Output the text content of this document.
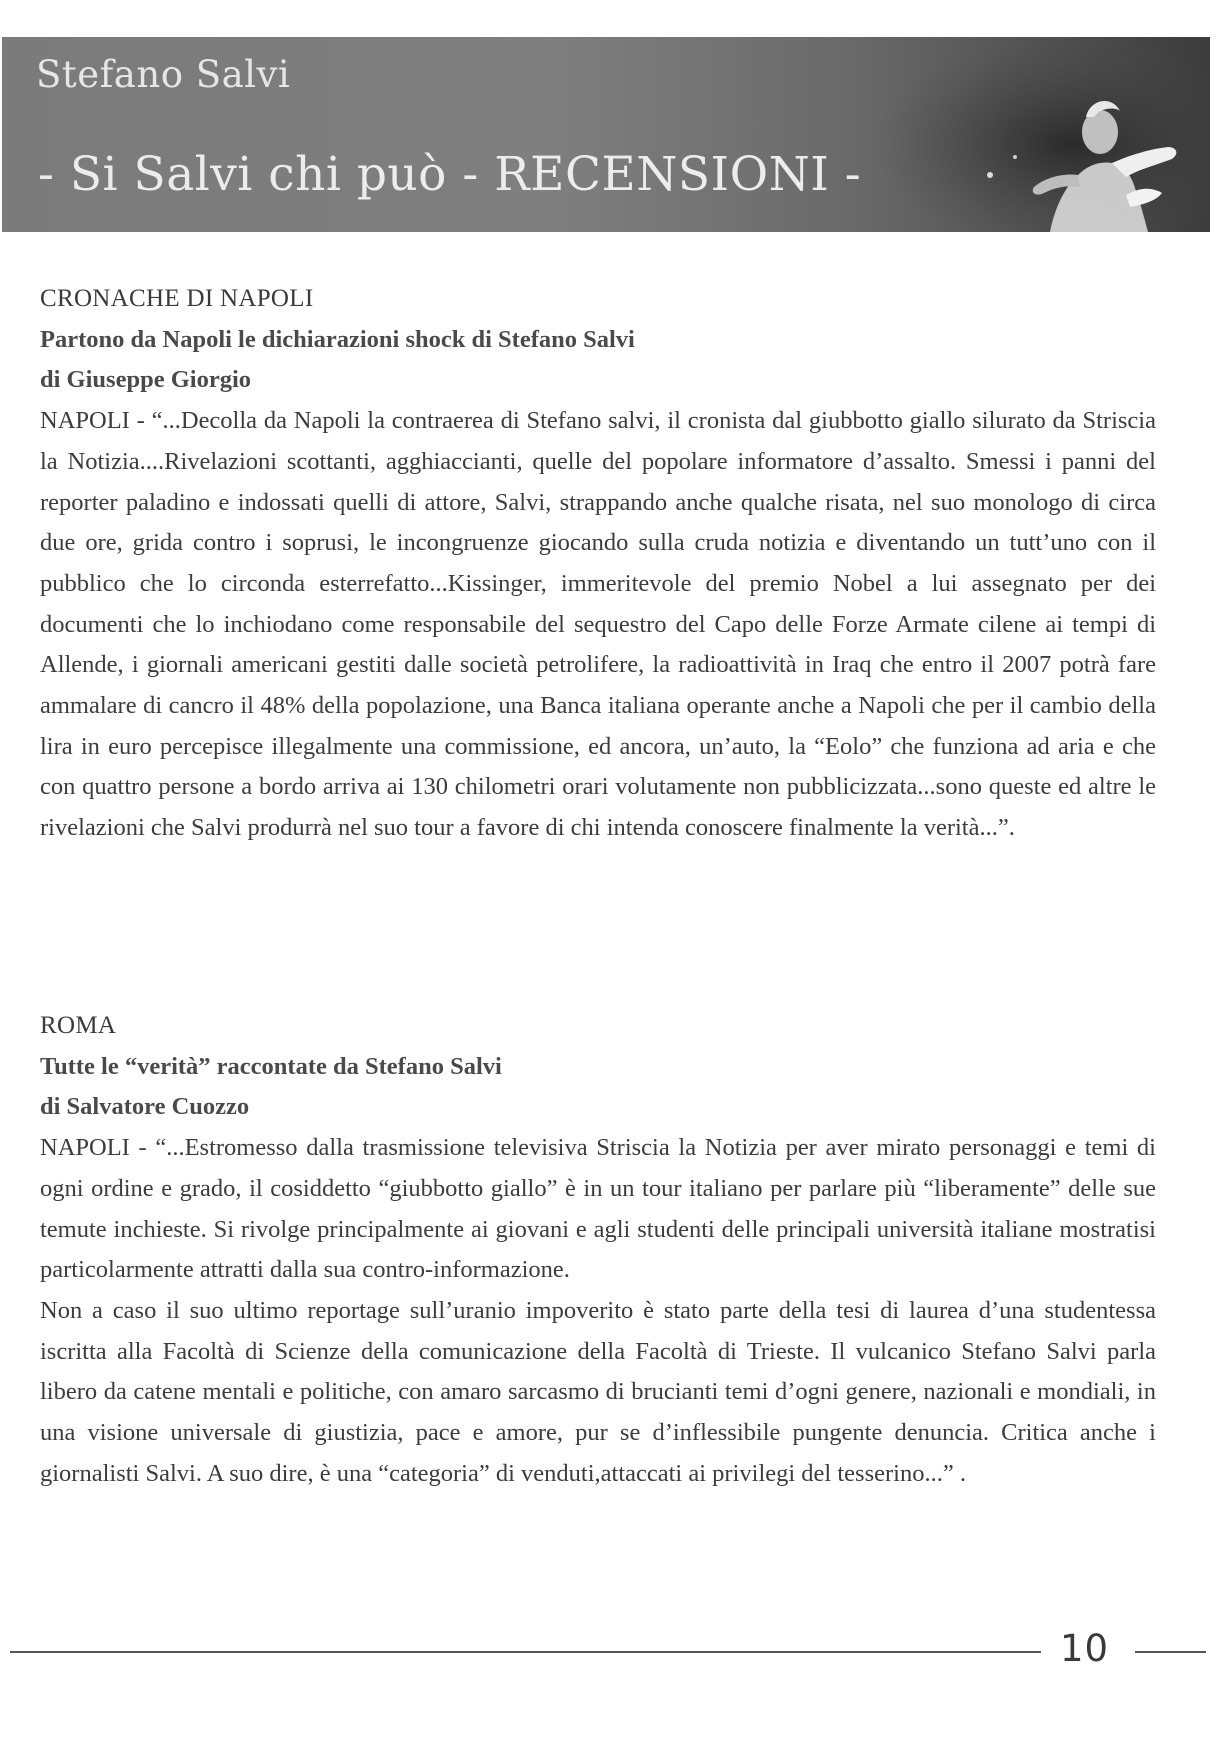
Stefano Salvi
- Si Salvi chi può - RECENSIONI -
CRONACHE DI NAPOLI
Partono da Napoli le dichiarazioni shock di Stefano Salvi
di Giuseppe Giorgio

NAPOLI - “...Decolla da Napoli la contraerea di Stefano salvi, il cronista dal giubbotto giallo silurato da Striscia la Notizia....Rivelazioni scottanti, agghiaccianti, quelle del popolare informatore d’assalto. Smessi i panni del reporter paladino e indossati quelli di attore, Salvi, strappando anche qualche risata, nel suo monologo di circa due ore, grida contro i soprusi, le incongruenze giocando sulla cruda notizia e diventando un tutt’uno con il pubblico che lo circonda esterrefatto...Kissinger, immeritevole del premio Nobel a lui assegnato per dei documenti che lo inchiodano come responsabile del sequestro del Capo delle Forze Armate cilene ai tempi di Allende, i giornali americani gestiti dalle società petrolifere, la radioattività in Iraq che entro il 2007 potrà fare ammalare di cancro il 48% della popolazione, una Banca italiana operante anche a Napoli che per il cambio della lira in euro percepisce illegalmente una commissione, ed ancora, un’auto, la “Eolo” che funziona ad aria e che con quattro persone a bordo arriva ai 130 chilometri orari volutamente non pubblicizzata...sono queste ed altre le rivelazioni che Salvi produrrà nel suo tour a favore di chi intenda conoscere finalmente la verità...”.

ROMA
Tutte le “verità” raccontate da Stefano Salvi
di Salvatore Cuozzo

NAPOLI - “...Estromesso dalla trasmissione televisiva Striscia la Notizia per aver mirato personaggi e temi di ogni ordine e grado, il cosiddetto “giubbotto giallo” è in un tour italiano per parlare più “liberamente” delle sue temute inchieste. Si rivolge principalmente ai giovani e agli studenti delle principali università italiane mostratisi particolarmente attratti dalla sua contro-informazione.

Non a caso il suo ultimo reportage sull’uranio impoverito è stato parte della tesi di laurea d’una studentessa iscritta alla Facoltà di Scienze della comunicazione della Facoltà di Trieste. Il vulcanico Stefano Salvi parla libero da catene mentali e politiche, con amaro sarcasmo di brucianti temi d’ogni genere, nazionali e mondiali, in una visione universale di giustizia, pace e amore, pur se d’inflessibile pungente denuncia. Critica anche i giornalisti Salvi. A suo dire, è una “categoria” di venduti,attaccati ai privilegi del tesserino...” .

10
